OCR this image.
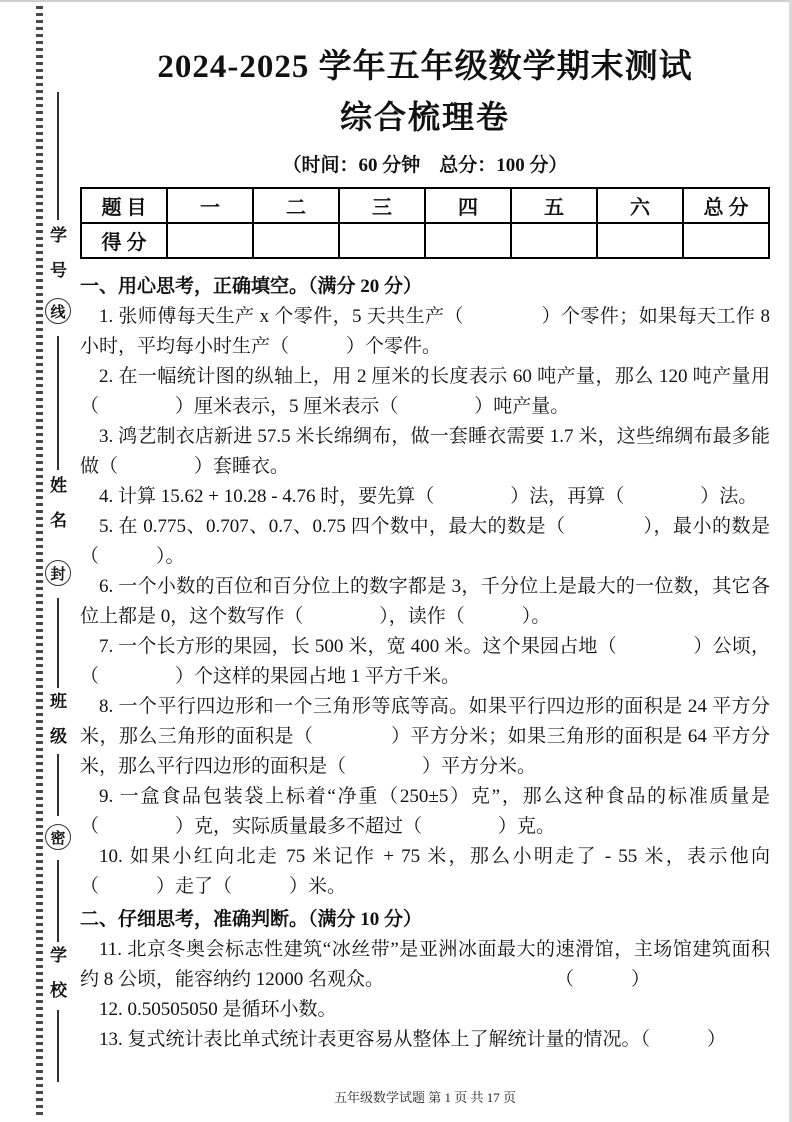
学 号
线
姓 名
封
班 级
密
学 校
2024-2025 学年五年级数学期末测试
综合梳理卷
（时间：60 分钟　总分：100 分）
题 目	一	二	三	四	五	六	总 分
得 分							

一、用心思考，正确填空。（满分 20 分）

1. 张师傅每天生产 x 个零件，5 天共生产（　　　　）个零件；如果每天工作 8 小时，平均每小时生产（　　　）个零件。

2. 在一幅统计图的纵轴上，用 2 厘米的长度表示 60 吨产量，那么 120 吨产量用（　　　　）厘米表示，5 厘米表示（　　　　）吨产量。

3. 鸿艺制衣店新进 57.5 米长绵绸布，做一套睡衣需要 1.7 米，这些绵绸布最多能做（　　　　）套睡衣。

4. 计算 15.62 + 10.28 - 4.76 时，要先算（　　　　）法，再算（　　　　）法。

5. 在 0.775、0.707、0.7、0.75 四个数中，最大的数是（　　　　），最小的数是（　　　）。

6. 一个小数的百位和百分位上的数字都是 3，千分位上是最大的一位数，其它各位上都是 0，这个数写作（　　　　），读作（　　　）。

7. 一个长方形的果园，长 500 米，宽 400 米。这个果园占地（　　　　）公顷，（　　　　）个这样的果园占地 1 平方千米。

8. 一个平行四边形和一个三角形等底等高。如果平行四边形的面积是 24 平方分米，那么三角形的面积是（　　　　）平方分米；如果三角形的面积是 64 平方分米，那么平行四边形的面积是（　　　　）平方分米。

9. 一盒食品包装袋上标着“净重（250±5）克”，那么这种食品的标准质量是（　　　　）克，实际质量最多不超过（　　　　）克。

10. 如果小红向北走 75 米记作 + 75 米，那么小明走了 - 55 米，表示他向（　　　）走了（　　　）米。

二、仔细思考，准确判断。（满分 10 分）

11. 北京冬奥会标志性建筑“冰丝带”是亚洲冰面最大的速滑馆，主场馆建筑面积约 8 公顷，能容纳约 12000 名观众。　　　　　　　　　　（　　　）

12. 0.50505050 是循环小数。

13. 复式统计表比单式统计表更容易从整体上了解统计量的情况。（　　　）

五年级数学试题 第 1 页 共 17 页
